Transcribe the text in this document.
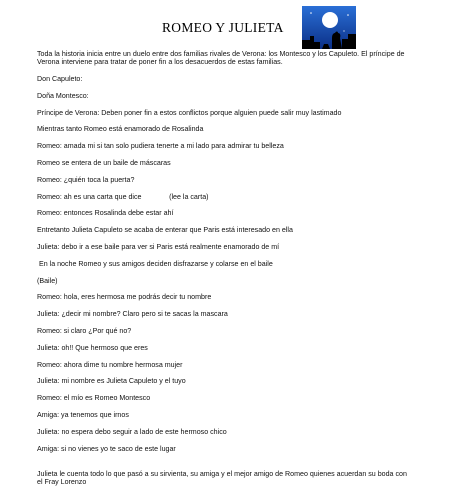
ROMEO Y JULIETA

Toda la historia inicia entre un duelo entre dos familias rivales de Verona: los Montesco y los Capuleto. El príncipe de Verona interviene para tratar de poner fin a los desacuerdos de estas familias.

Don Capuleto:

Doña Montesco:

Príncipe de Verona: Deben poner fin a estos conflictos porque alguien puede salir muy lastimado

Mientras tanto Romeo está enamorado de Rosalinda

Romeo: amada mi si tan solo pudiera tenerte a mi lado para admirar tu belleza

Romeo se entera de un baile de máscaras

Romeo: ¿quién toca la puerta?

Romeo: ah es una carta que dice              (lee la carta)

Romeo: entonces Rosalinda debe estar ahí

Entretanto Julieta Capuleto se acaba de enterar que Paris está interesado en ella

Julieta: debo ir a ese baile para ver si Paris está realmente enamorado de mí

En la noche Romeo y sus amigos deciden disfrazarse y colarse en el baile

(Baile)

Romeo: hola, eres hermosa me podrás decir tu nombre

Julieta: ¿decir mi nombre? Claro pero si te sacas la mascara

Romeo: si claro ¿Por qué no?

Julieta: oh!! Que hermoso que eres

Romeo: ahora dime tu nombre hermosa mujer

Julieta: mi nombre es Julieta Capuleto y el tuyo

Romeo: el mío es Romeo Montesco

Amiga: ya tenemos que irnos

Julieta: no espera debo seguir a lado de este hermoso chico

Amiga: si no vienes yo te saco de este lugar

Julieta le cuenta todo lo que pasó a su sirvienta, su amiga y el mejor amigo de Romeo quienes acuerdan su boda con el Fray Lorenzo
